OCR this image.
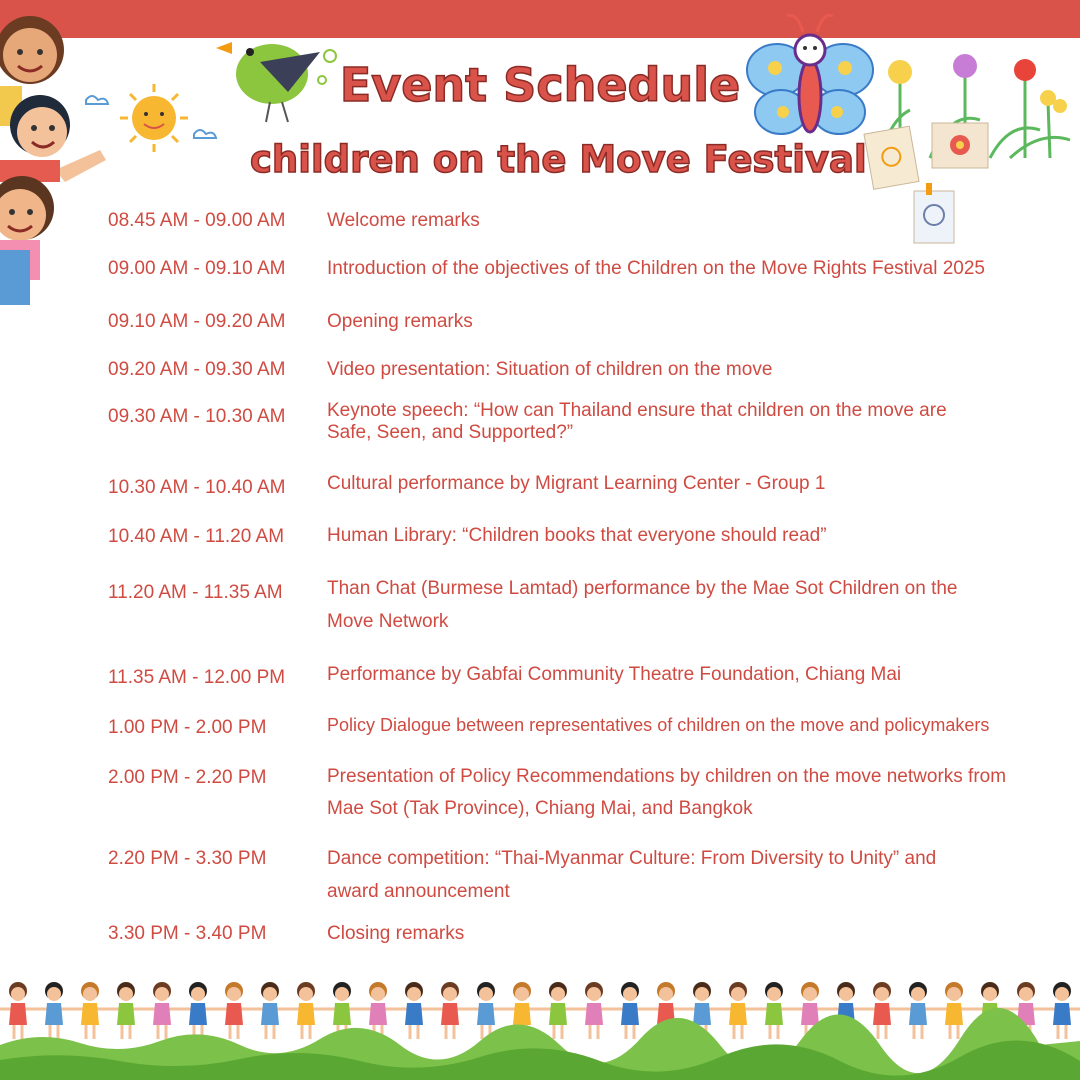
Event Schedule
children on the Move Festival
08.45 AM - 09.00 AM	Welcome remarks
09.00 AM - 09.10 AM	Introduction of the objectives of the Children on the Move Rights Festival 2025
09.10 AM - 09.20 AM	Opening remarks
09.20 AM - 09.30 AM	Video presentation: Situation of children on the move
09.30 AM - 10.30 AM	Keynote speech: “How can Thailand ensure that children on the move are Safe, Seen, and Supported?”
10.30 AM - 10.40 AM	Cultural performance by Migrant Learning Center - Group 1
10.40 AM - 11.20 AM	Human Library: “Children books that everyone should read”
11.20 AM - 11.35 AM	Than Chat (Burmese Lamtad) performance by the Mae Sot Children on the Move Network
11.35 AM - 12.00 PM	Performance by Gabfai Community Theatre Foundation, Chiang Mai
1.00 PM - 2.00 PM	Policy Dialogue between representatives of children on the move and policymakers
2.00 PM - 2.20 PM	Presentation of Policy Recommendations by children on the move networks from Mae Sot (Tak Province), Chiang Mai, and Bangkok
2.20 PM - 3.30 PM	Dance competition: “Thai-Myanmar Culture: From Diversity to Unity” and award announcement
3.30 PM - 3.40 PM	Closing remarks
